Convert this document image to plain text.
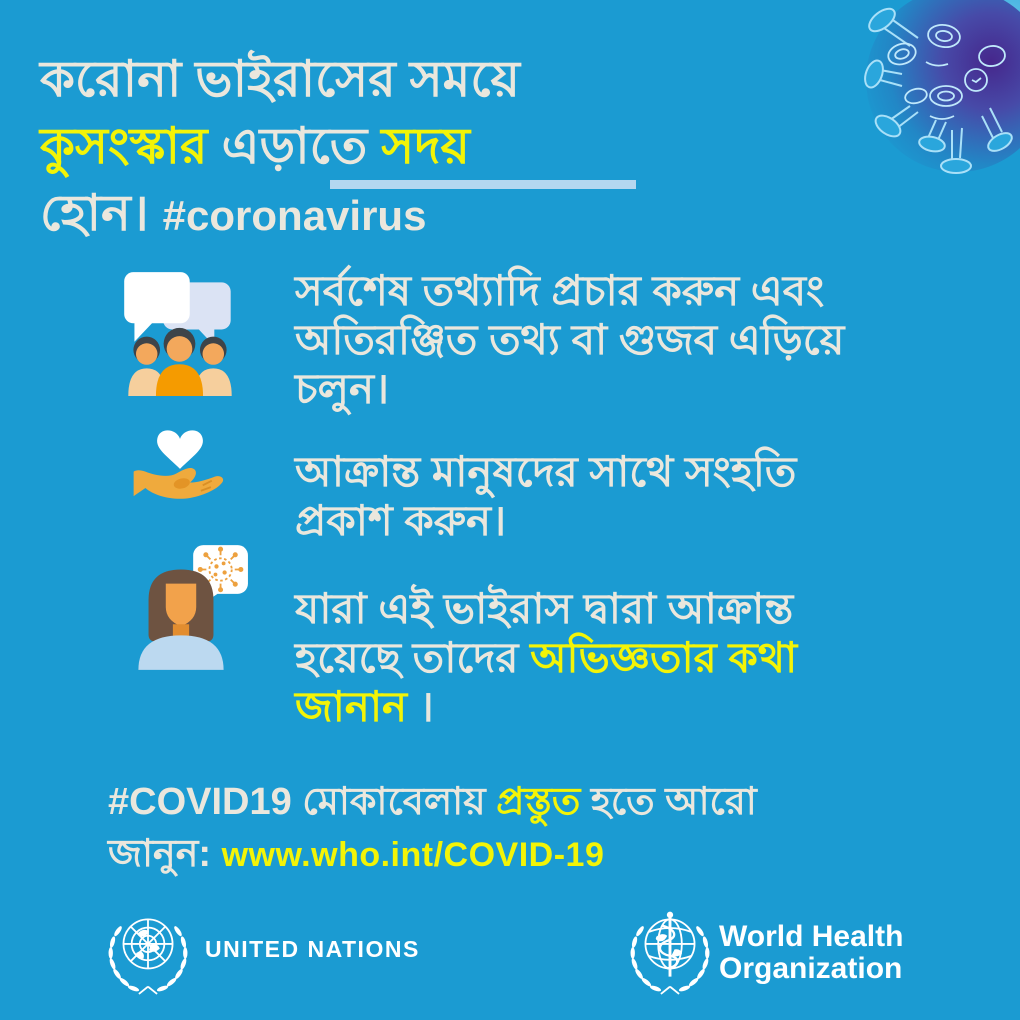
করোনা ভাইরাসের সময়ে
কুসংস্কার এড়াতে সদয়
হোন। #coronavirus
সর্বশেষ তথ্যাদি প্রচার করুন এবং
অতিরঞ্জিত তথ্য বা গুজব এড়িয়ে
চলুন।
আক্রান্ত মানুষদের সাথে সংহতি
প্রকাশ করুন।
যারা এই ভাইরাস দ্বারা আক্রান্ত
হয়েছে তাদের অভিজ্ঞতার কথা
জানান ।
#COVID19 মোকাবেলায় প্রস্তুত হতে আরো
জানুন: www.who.int/COVID-19
UNITED NATIONS	World Health
Organization
